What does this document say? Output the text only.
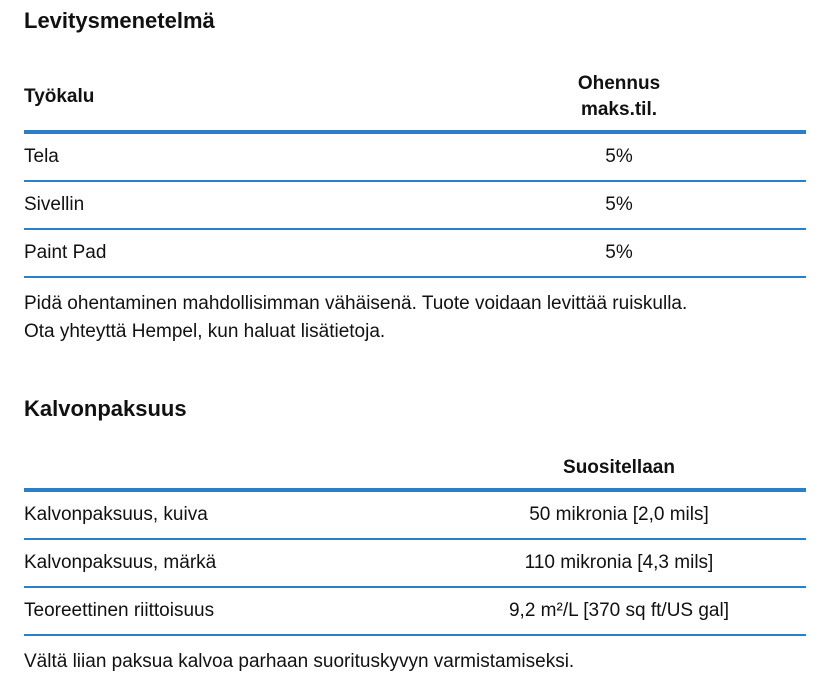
Levitysmenetelmä
Työkalu	Ohennus
maks.til.

Tela	5%
Sivellin	5%
Paint Pad	5%

Pidä ohentaminen mahdollisimman vähäisenä. Tuote voidaan levittää ruiskulla.
Ota yhteyttä Hempel, kun haluat lisätietoja.

Kalvonpaksuus
	Suositellaan
Kalvonpaksuus, kuiva	50 mikronia [2,0 mils]
Kalvonpaksuus, märkä	110 mikronia [4,3 mils]
Teoreettinen riittoisuus	9,2 m²/L [370 sq ft/US gal]

Vältä liian paksua kalvoa parhaan suorituskyvyn varmistamiseksi.
